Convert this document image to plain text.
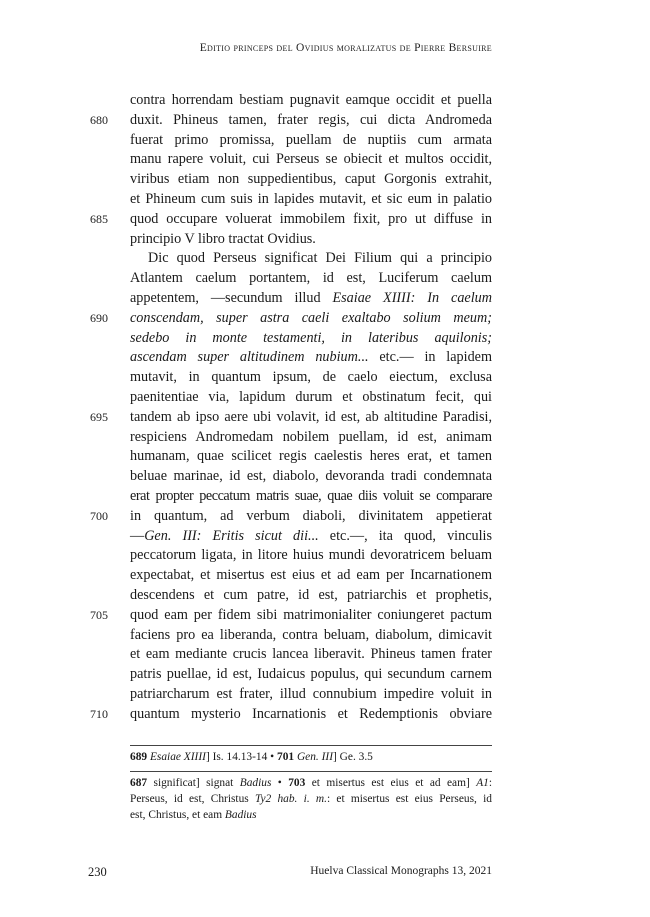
Editio princeps del Ovidius moralizatus de Pierre Bersuire
contra horrendam bestiam pugnavit eamque occidit et puella
680	duxit. Phineus tamen, frater regis, cui dicta Andromeda
fuerat primo promissa, puellam de nuptiis cum armata
manu rapere voluit, cui Perseus se obiecit et multos occidit,
viribus etiam non suppedientibus, caput Gorgonis extrahit,
et Phineum cum suis in lapides mutavit, et sic eum in palatio
685	quod occupare voluerat immobilem fixit, pro ut diffuse in
principio V libro tractat Ovidius.
Dic quod Perseus significat Dei Filium qui a principio
Atlantem caelum portantem, id est, Luciferum caelum
appetentem, —secundum illud Esaiae XIIII: In caelum
690	conscendam, super astra caeli exaltabo solium meum;
sedebo in monte testamenti, in lateribus aquilonis;
ascendam super altitudinem nubium... etc.— in lapidem
mutavit, in quantum ipsum, de caelo eiectum, exclusa
paenitentiae via, lapidum durum et obstinatum fecit, qui
695	tandem ab ipso aere ubi volavit, id est, ab altitudine Paradisi,
respiciens Andromedam nobilem puellam, id est, animam
humanam, quae scilicet regis caelestis heres erat, et tamen
beluae marinae, id est, diabolo, devoranda tradi condemnata
erat propter peccatum matris suae, quae diis voluit se comparare
700	in quantum, ad verbum diaboli, divinitatem appetierat
—Gen. III: Eritis sicut dii... etc.—, ita quod, vinculis
peccatorum ligata, in litore huius mundi devoratricem beluam
expectabat, et misertus est eius et ad eam per Incarnationem
descendens et cum patre, id est, patriarchis et prophetis,
705	quod eam per fidem sibi matrimonialiter coniungeret pactum
faciens pro ea liberanda, contra beluam, diabolum, dimicavit
et eam mediante crucis lancea liberavit. Phineus tamen frater
patris puellae, id est, Iudaicus populus, qui secundum carnem
patriarcharum est frater, illud connubium impedire voluit in
710	quantum mysterio Incarnationis et Redemptionis obviare
689 Esaiae XIIII] Is. 14.13-14 • 701 Gen. III] Ge. 3.5
687 significat] signat Badius • 703 et misertus est eius et ad eam] A1:
Perseus, id est, Christus Ty2 hab. i. m.: et misertus est eius Perseus, id
est, Christus, et eam Badius
230	Huelva Classical Monographs 13, 2021
